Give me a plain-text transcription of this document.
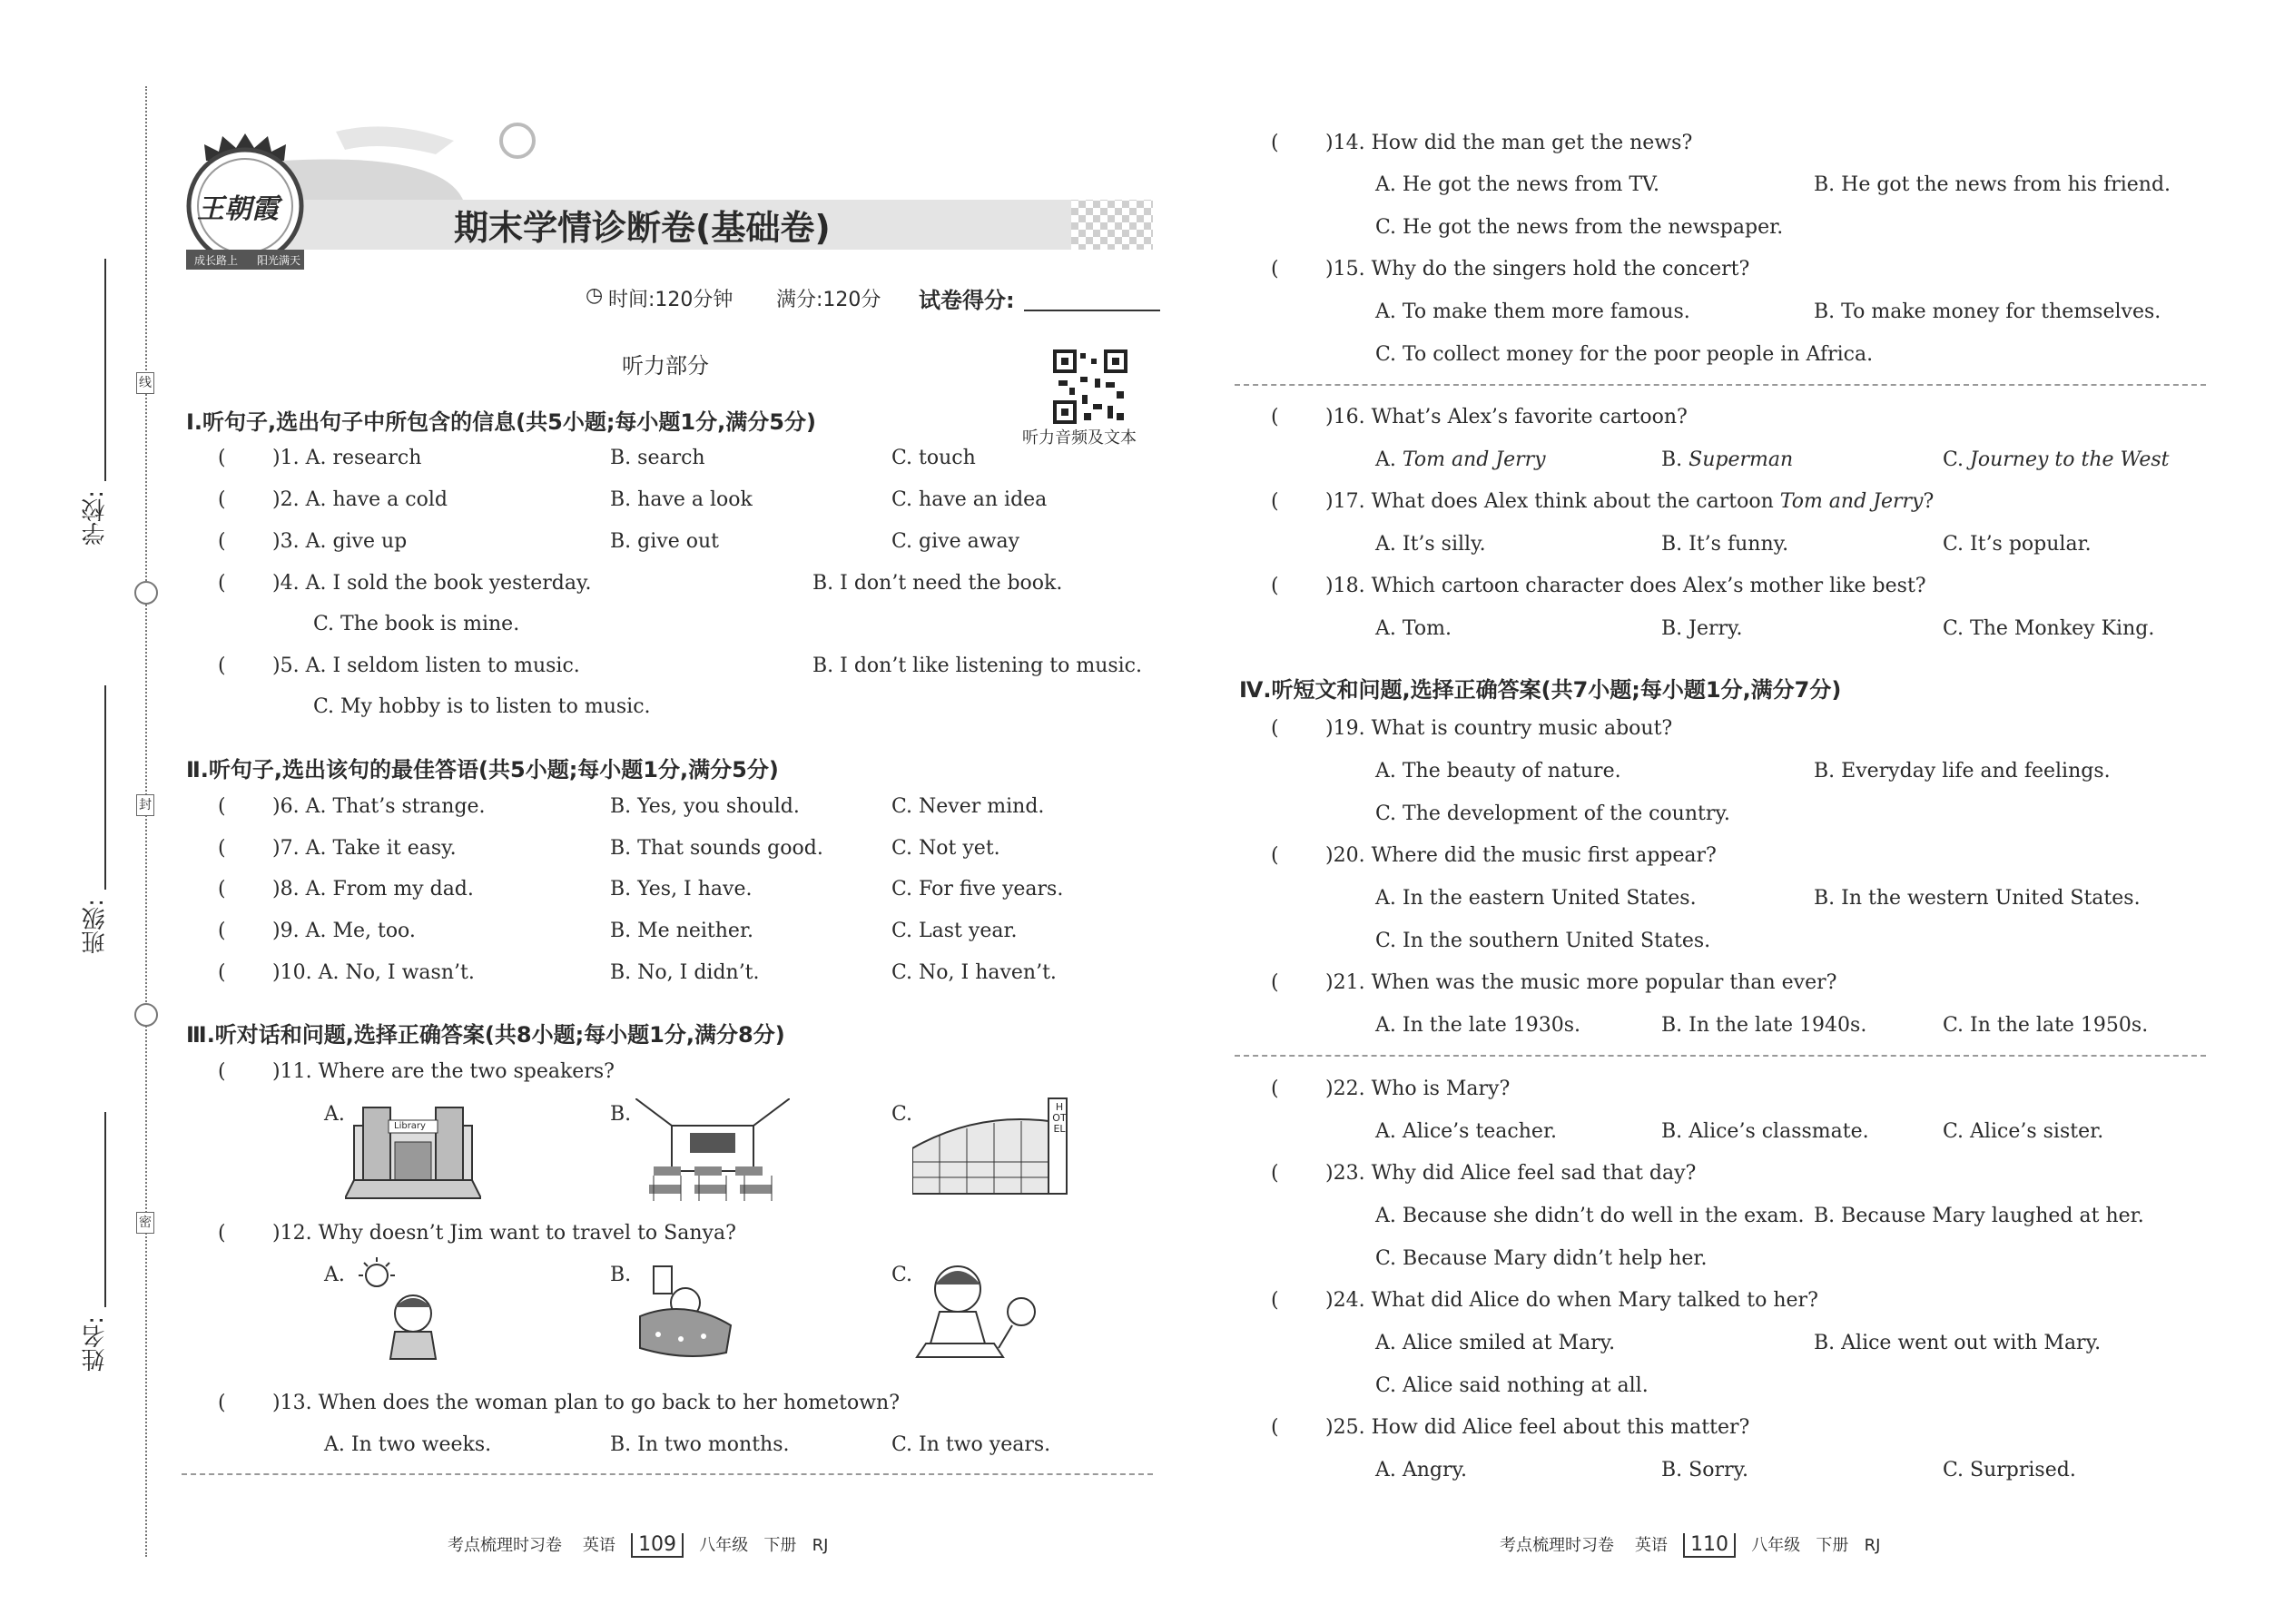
线
封
密
学校:
班级:
姓名:
王朝霞
成长路上 阳光满天
期末学情诊断卷(基础卷)
◷ 时间:120分钟 满分:120分 试卷得分:
听力部分
听力音频及文本
Ⅰ.听句子,选出句子中所包含的信息(共5小题;每小题1分,满分5分)
( )1. A. research	B. search	C. touch
( )2. A. have a cold	B. have a look	C. have an idea
( )3. A. give up	B. give out	C. give away
( )4. A. I sold the book yesterday.	B. I don’t need the book.
C. The book is mine.
( )5. A. I seldom listen to music.	B. I don’t like listening to music.
C. My hobby is to listen to music.
Ⅱ.听句子,选出该句的最佳答语(共5小题;每小题1分,满分5分)
( )6. A. That’s strange.	B. Yes, you should.	C. Never mind.
( )7. A. Take it easy.	B. That sounds good.	C. Not yet.
( )8. A. From my dad.	B. Yes, I have.	C. For five years.
( )9. A. Me, too.	B. Me neither.	C. Last year.
( )10. A. No, I wasn’t.	B. No, I didn’t.	C. No, I haven’t.
Ⅲ.听对话和问题,选择正确答案(共8小题;每小题1分,满分8分)
( )11. Where are the two speakers?
A.	B.	C.
Library
HOTEL
( )12. Why doesn’t Jim want to travel to Sanya?
A.	B.	C.
( )13. When does the woman plan to go back to her hometown?
A. In two weeks.	B. In two months.	C. In two years.
( )14. How did the man get the news?
A. He got the news from TV.	B. He got the news from his friend.
C. He got the news from the newspaper.
( )15. Why do the singers hold the concert?
A. To make them more famous.	B. To make money for themselves.
C. To collect money for the poor people in Africa.
( )16. What’s Alex’s favorite cartoon?
A. Tom and Jerry	B. Superman	C. Journey to the West
( )17. What does Alex think about the cartoon Tom and Jerry?
A. It’s silly.	B. It’s funny.	C. It’s popular.
( )18. Which cartoon character does Alex’s mother like best?
A. Tom.	B. Jerry.	C. The Monkey King.
Ⅳ.听短文和问题,选择正确答案(共7小题;每小题1分,满分7分)
( )19. What is country music about?
A. The beauty of nature.	B. Everyday life and feelings.
C. The development of the country.
( )20. Where did the music first appear?
A. In the eastern United States.	B. In the western United States.
C. In the southern United States.
( )21. When was the music more popular than ever?
A. In the late 1930s.	B. In the late 1940s.	C. In the late 1950s.
( )22. Who is Mary?
A. Alice’s teacher.	B. Alice’s classmate.	C. Alice’s sister.
( )23. Why did Alice feel sad that day?
A. Because she didn’t do well in the exam. B. Because Mary laughed at her.
C. Because Mary didn’t help her.
( )24. What did Alice do when Mary talked to her?
A. Alice smiled at Mary.	B. Alice went out with Mary.
C. Alice said nothing at all.
( )25. How did Alice feel about this matter?
A. Angry.	B. Sorry.	C. Surprised.
考点梳理时习卷 英语 109 八年级 下册 RJ	考点梳理时习卷 英语 110 八年级 下册 RJ
